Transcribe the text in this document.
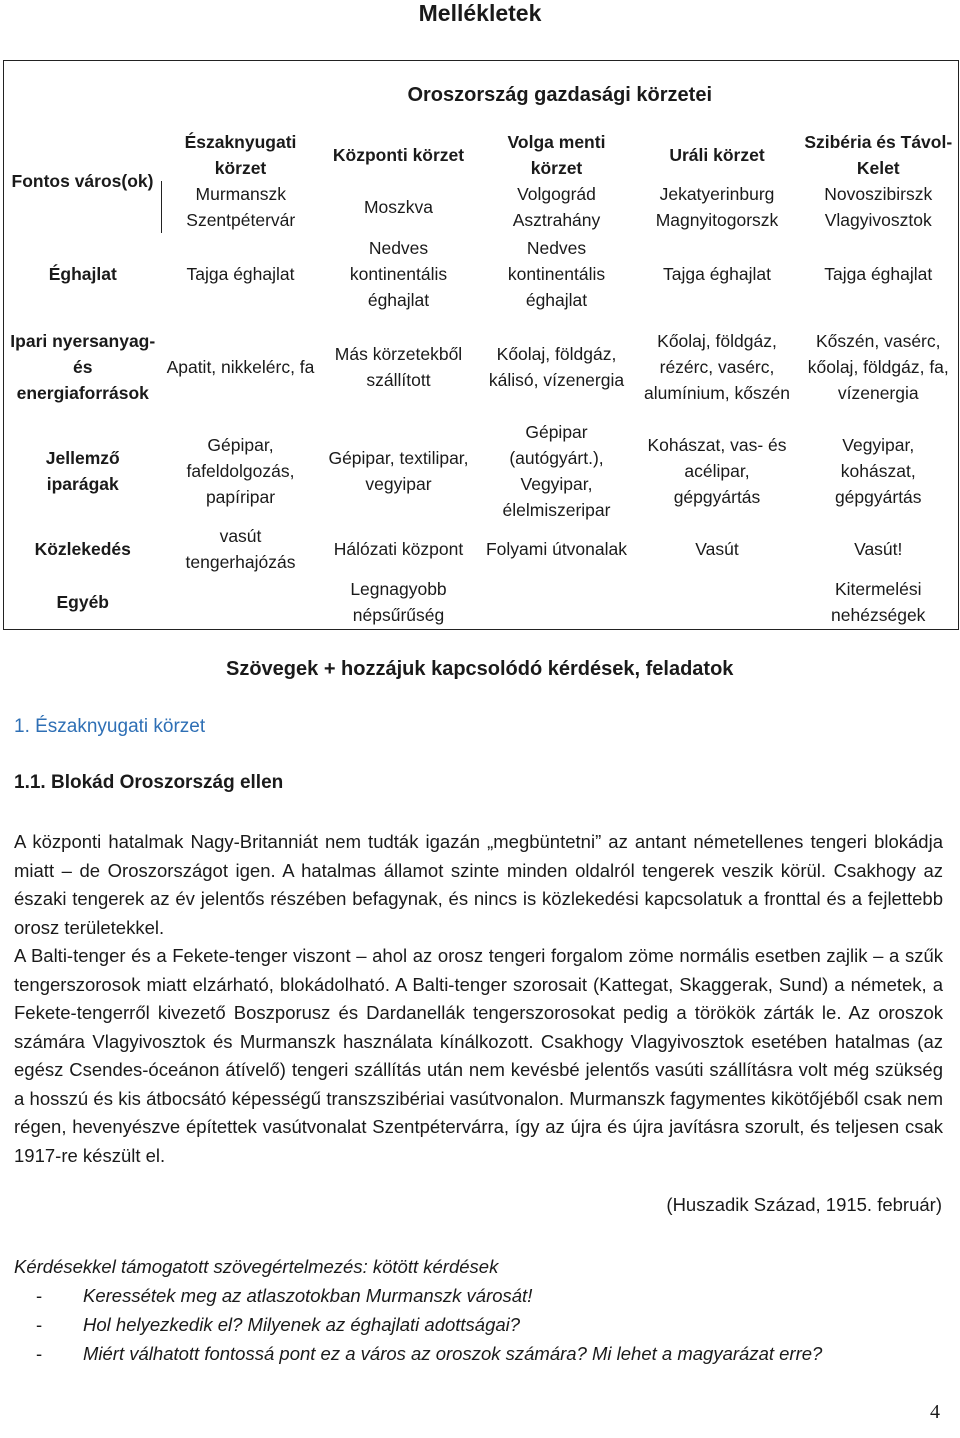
Mellékletek
	Oroszország gazdasági körzetei				
Fontos város(ok)	Északnyugati körzet	Központi körzet	Volga menti körzet	Uráli körzet	Szibéria és Távol-Kelet
	Murmanszk Szentpétervár	Moszkva	Volgográd Asztrahány	Jekatyerinburg Magnyitogorszk	Novoszibirszk Vlagyivosztok
Éghajlat	Tajga éghajlat	Nedves kontinentális éghajlat	Nedves kontinentális éghajlat	Tajga éghajlat	Tajga éghajlat
Ipari nyersanyag- és energiaforrások	Apatit, nikkelérc, fa	Más körzetekből szállított	Kőolaj, földgáz, kálisó, vízenergia	Kőolaj, földgáz, rézérc, vasérc, alumínium, kőszén	Kőszén, vasérc, kőolaj, földgáz, fa, vízenergia
Jellemző iparágak	Gépipar, fafeldolgozás, papíripar	Gépipar, textilipar, vegyipar	Gépipar (autógyárt.), Vegyipar, élelmiszeripar	Kohászat, vas- és acélipar, gépgyártás	Vegyipar, kohászat, gépgyártás
Közlekedés	vasút tengerhajózás	Hálózati központ	Folyami útvonalak	Vasút	Vasút!
Egyéb		Legnagyobb népsűrűség			Kitermelési nehézségek
Szövegek + hozzájuk kapcsolódó kérdések, feladatok
1. Északnyugati körzet
1.1. Blokád Oroszország ellen

A központi hatalmak Nagy-Britanniát nem tudták igazán „megbüntetni” az antant németellenes tengeri blokádja miatt – de Oroszországot igen. A hatalmas államot szinte minden oldalról tengerek veszik körül. Csakhogy az északi tengerek az év jelentős részében befagynak, és nincs is közlekedési kapcsolatuk a fronttal és a fejlettebb orosz területekkel.

A Balti-tenger és a Fekete-tenger viszont – ahol az orosz tengeri forgalom zöme normális esetben zajlik – a szűk tengerszorosok miatt elzárható, blokádolható. A Balti-tenger szorosait (Kattegat, Skaggerak, Sund) a németek, a Fekete-tengerről kivezető Boszporusz és Dardanellák tengerszorosokat pedig a törökök zárták le. Az oroszok számára Vlagyivosztok és Murmanszk használata kínálkozott. Csakhogy Vlagyivosztok esetében hatalmas (az egész Csendes-óceánon átívelő) tengeri szállítás után nem kevésbé jelentős vasúti szállításra volt még szükség a hosszú és kis átbocsátó képességű transzszibériai vasútvonalon. Murmanszk fagymentes kikötőjéből csak nem régen, hevenyészve építettek vasútvonalat Szentpétervárra, így az újra és újra javításra szorult, és teljesen csak 1917-re készült el.

(Huszadik Század, 1915. február)
Kérdésekkel támogatott szövegértelmezés: kötött kérdések
- Keressétek meg az atlaszotokban Murmanszk városát!
- Hol helyezkedik el? Milyenek az éghajlati adottságai?
- Miért válhatott fontossá pont ez a város az oroszok számára? Mi lehet a magyarázat erre?
4
